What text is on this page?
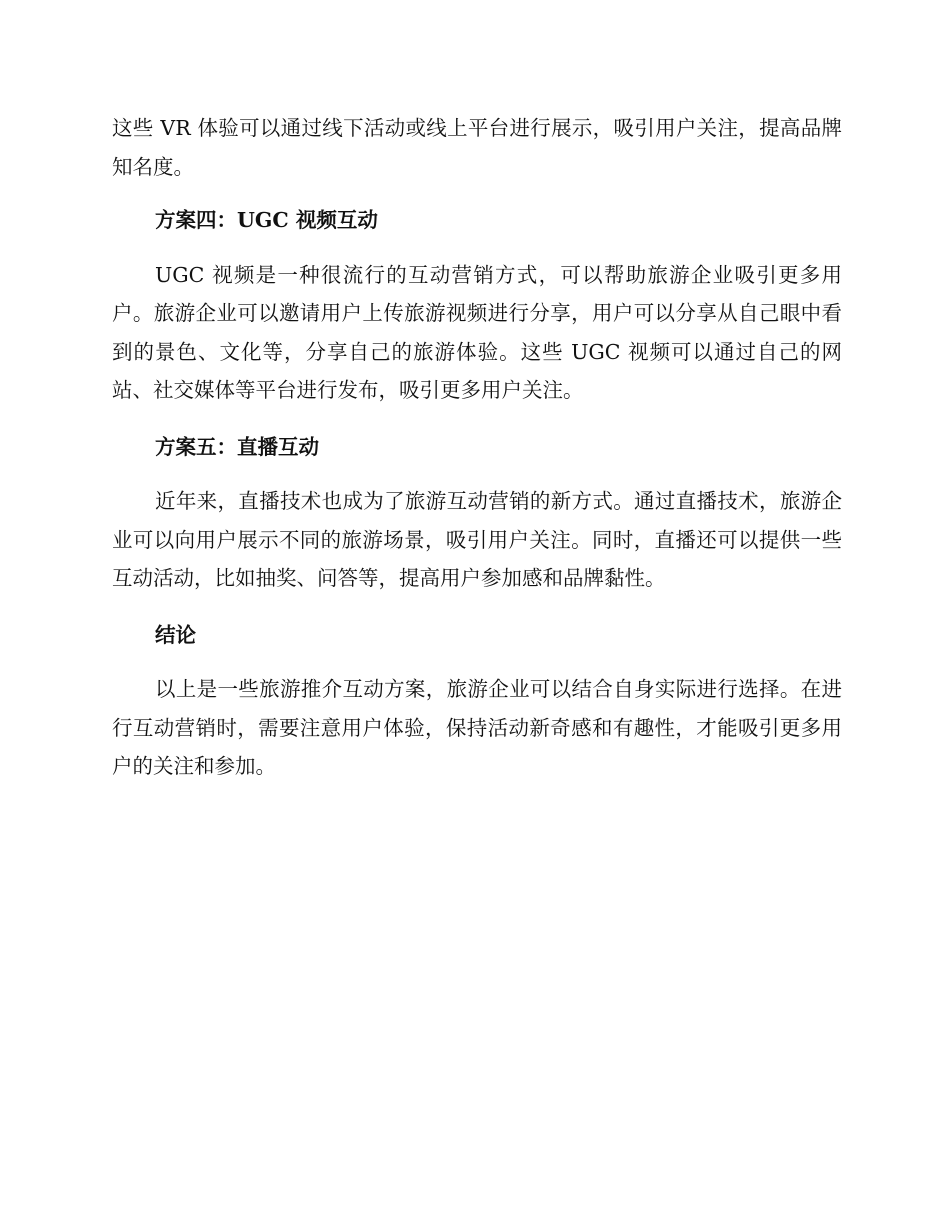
这些 VR 体验可以通过线下活动或线上平台进行展示，吸引用户关注，提高品牌知名度。

方案四：UGC 视频互动

UGC 视频是一种很流行的互动营销方式，可以帮助旅游企业吸引更多用户。旅游企业可以邀请用户上传旅游视频进行分享，用户可以分享从自己眼中看到的景色、文化等，分享自己的旅游体验。这些 UGC 视频可以通过自己的网站、社交媒体等平台进行发布，吸引更多用户关注。

方案五：直播互动

近年来，直播技术也成为了旅游互动营销的新方式。通过直播技术，旅游企业可以向用户展示不同的旅游场景，吸引用户关注。同时，直播还可以提供一些互动活动，比如抽奖、问答等，提高用户参加感和品牌黏性。

结论

以上是一些旅游推介互动方案，旅游企业可以结合自身实际进行选择。在进行互动营销时，需要注意用户体验，保持活动新奇感和有趣性，才能吸引更多用户的关注和参加。
